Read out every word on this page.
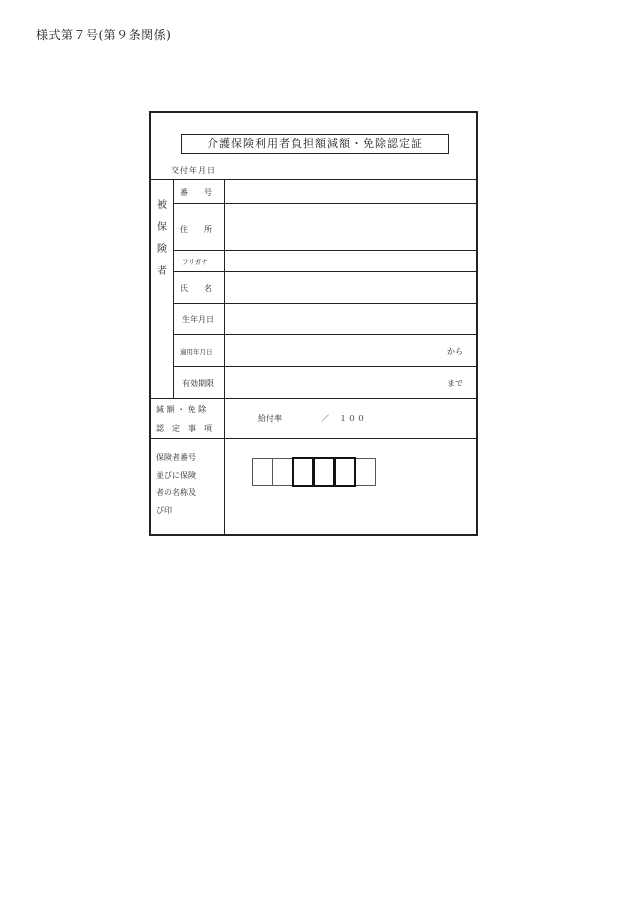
様式第７号(第９条関係)
介護保険利用者負担額減額・免除認定証
交付年月日
被
保
険
者
番　　号
住　　所
フリガナ
氏　　名
生年月日
適用年月日	から
有効期限	まで
減 額 ・ 免 除
認　定　事　項
給付率	／　１００
保険者番号
並びに保険
者の名称及
び印
